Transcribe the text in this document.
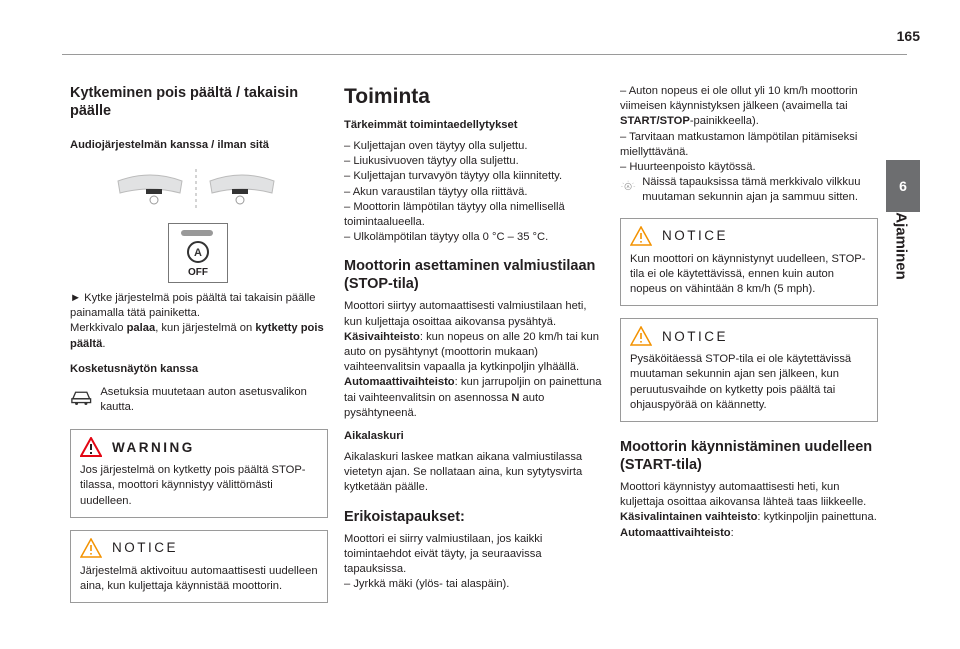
165
6
Ajaminen
Kytkeminen pois päältä / takaisin päälle
Audiojärjestelmän kanssa / ilman sitä
A
OFF

► Kytke järjestelmä pois päältä tai takaisin päälle painamalla tätä painiketta.

Merkkivalo palaa, kun järjestelmä on kytketty pois päältä.

Kosketusnäytön kanssa

Asetuksia muutetaan auton asetusvalikon kautta.

WARNING

Jos järjestelmä on kytketty pois päältä STOP-tilassa, moottori käynnistyy välittömästi uudelleen.

NOTICE

Järjestelmä aktivoituu automaattisesti uudelleen aina, kun kuljettaja käynnistää moottorin.

Toiminta

Tärkeimmät toimintaedellytykset
– Kuljettajan oven täytyy olla suljettu.
– Liukusivuoven täytyy olla suljettu.
– Kuljettajan turvavyön täytyy olla kiinnitetty.
– Akun varaustilan täytyy olla riittävä.
– Moottorin lämpötilan täytyy olla nimellisellä toimintaalueella.
– Ulkolämpötilan täytyy olla 0 °C – 35 °C.
Moottorin asettaminen valmiustilaan (STOP-tila)

Moottori siirtyy automaattisesti valmiustilaan heti, kun kuljettaja osoittaa aikovansa pysähtyä.

Käsivaihteisto: kun nopeus on alle 20 km/h tai kun auto on pysähtynyt (moottorin mukaan) vaihteenvalitsin vapaalla ja kytkinpoljin ylhäällä.

Automaattivaihteisto: kun jarrupoljin on painettuna tai vaihteenvalitsin on asennossa N auto pysähtyneenä.

Aikalaskuri

Aikalaskuri laskee matkan aikana valmiustilassa vietetyn ajan. Se nollataan aina, kun sytytysvirta kytketään päälle.

Erikoistapaukset:

Moottori ei siirry valmiustilaan, jos kaikki toimintaehdot eivät täyty, ja seuraavissa tapauksissa.

– Jyrkkä mäki (ylös- tai alaspäin).

– Auton nopeus ei ole ollut yli 10 km/h moottorin viimeisen käynnistyksen jälkeen (avaimella tai START/STOP-painikkeella).

– Tarvitaan matkustamon lämpötilan pitämiseksi miellyttävänä.
– Huurteenpoisto käytössä.
A Näissä tapauksissa tämä merkkivalo vilkkuu muutaman sekunnin ajan ja sammuu sitten.

NOTICE

Kun moottori on käynnistynyt uudelleen, STOP-tila ei ole käytettävissä, ennen kuin auton nopeus on vähintään 8 km/h (5 mph).

NOTICE

Pysäköitäessä STOP-tila ei ole käytettävissä muutaman sekunnin ajan sen jälkeen, kun peruutusvaihde on kytketty pois päältä tai ohjauspyörää on käännetty.

Moottorin käynnistäminen uudelleen (START-tila)

Moottori käynnistyy automaattisesti heti, kun kuljettaja osoittaa aikovansa lähteä taas liikkeelle.

Käsivalintainen vaihteisto: kytkinpoljin painettuna.

Automaattivaihteisto:
